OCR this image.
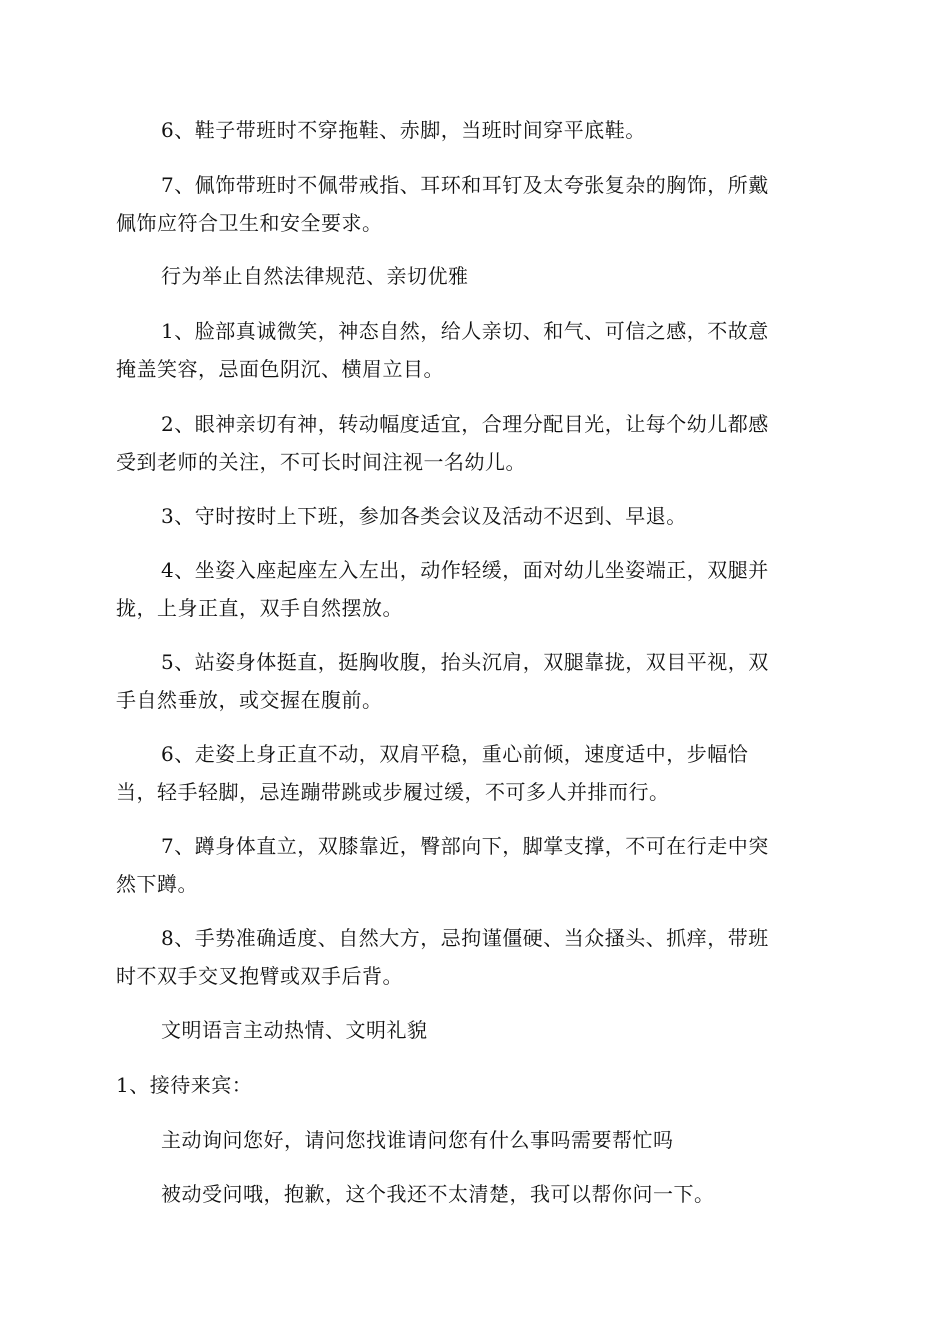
6、鞋子带班时不穿拖鞋、赤脚，当班时间穿平底鞋。
7、佩饰带班时不佩带戒指、耳环和耳钉及太夸张复杂的胸饰，所戴
佩饰应符合卫生和安全要求。
行为举止自然法律规范、亲切优雅
1、脸部真诚微笑，神态自然，给人亲切、和气、可信之感，不故意
掩盖笑容，忌面色阴沉、横眉立目。
2、眼神亲切有神，转动幅度适宜，合理分配目光，让每个幼儿都感
受到老师的关注，不可长时间注视一名幼儿。
3、守时按时上下班，参加各类会议及活动不迟到、早退。
4、坐姿入座起座左入左出，动作轻缓，面对幼儿坐姿端正，双腿并
拢，上身正直，双手自然摆放。
5、站姿身体挺直，挺胸收腹，抬头沉肩，双腿靠拢，双目平视，双
手自然垂放，或交握在腹前。
6、走姿上身正直不动，双肩平稳，重心前倾，速度适中，步幅恰
当，轻手轻脚，忌连蹦带跳或步履过缓，不可多人并排而行。
7、蹲身体直立，双膝靠近，臀部向下，脚掌支撑，不可在行走中突
然下蹲。
8、手势准确适度、自然大方，忌拘谨僵硬、当众搔头、抓痒，带班
时不双手交叉抱臂或双手后背。
文明语言主动热情、文明礼貌
1、接待来宾：
主动询问您好，请问您找谁请问您有什么事吗需要帮忙吗
被动受问哦，抱歉，这个我还不太清楚，我可以帮你问一下。
